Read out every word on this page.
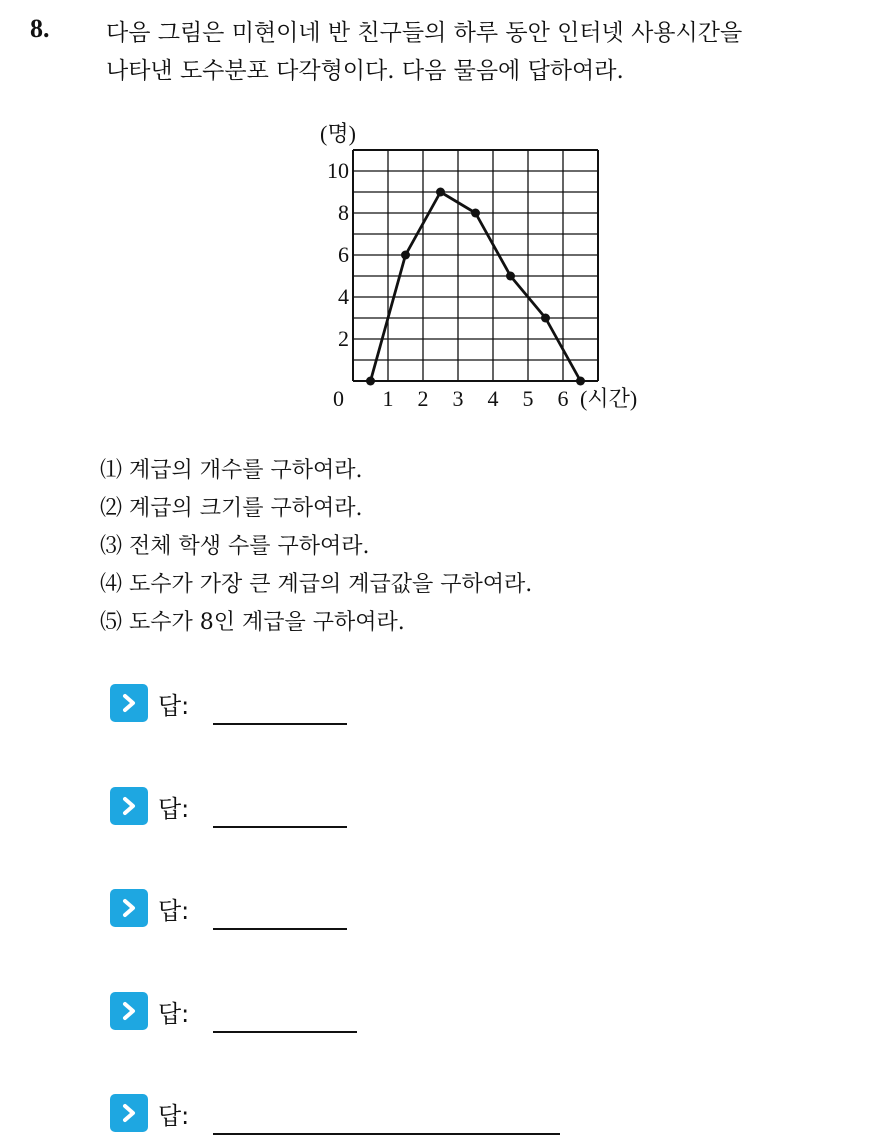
8. 다음 그림은 미현이네 반 친구들의 하루 동안 인터넷 사용시간을
나타낸 도수분포 다각형이다. 다음 물음에 답하여라.
1 2 3 4 5 6
2
4
6
8
10
0
(명)
(시간)
⑴ 계급의 개수를 구하여라.
⑵ 계급의 크기를 구하여라.
⑶ 전체 학생 수를 구하여라.
⑷ 도수가 가장 큰 계급의 계급값을 구하여라.
⑸ 도수가 8인 계급을 구하여라.
답:
답:
답:
답:
답:
